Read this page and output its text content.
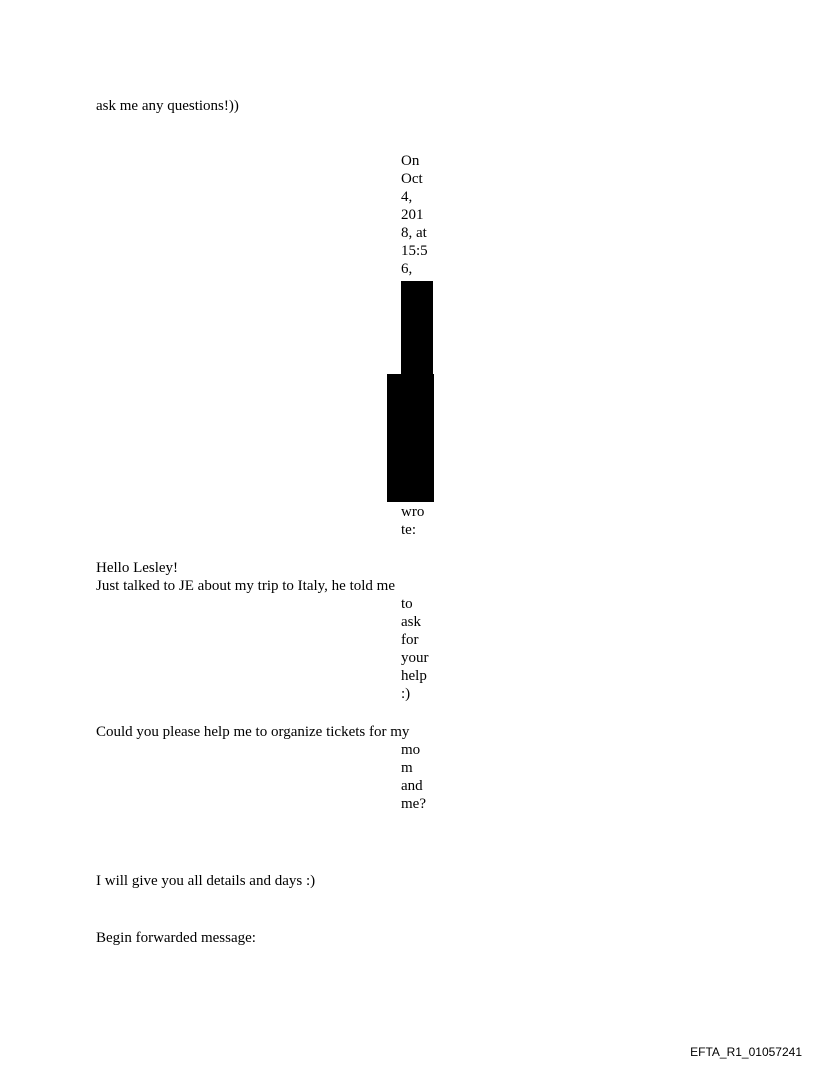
ask me any questions!))
On
Oct
4,
201
8, at
15:5
6,
wro
te:
Hello Lesley!
Just talked to JE about my trip to Italy, he told me
to
ask
for
your
help
:)
Could you please help me to organize tickets for my
mo
m
and
me?
I will give you all details and days :)
Begin forwarded message:
EFTA_R1_01057241
